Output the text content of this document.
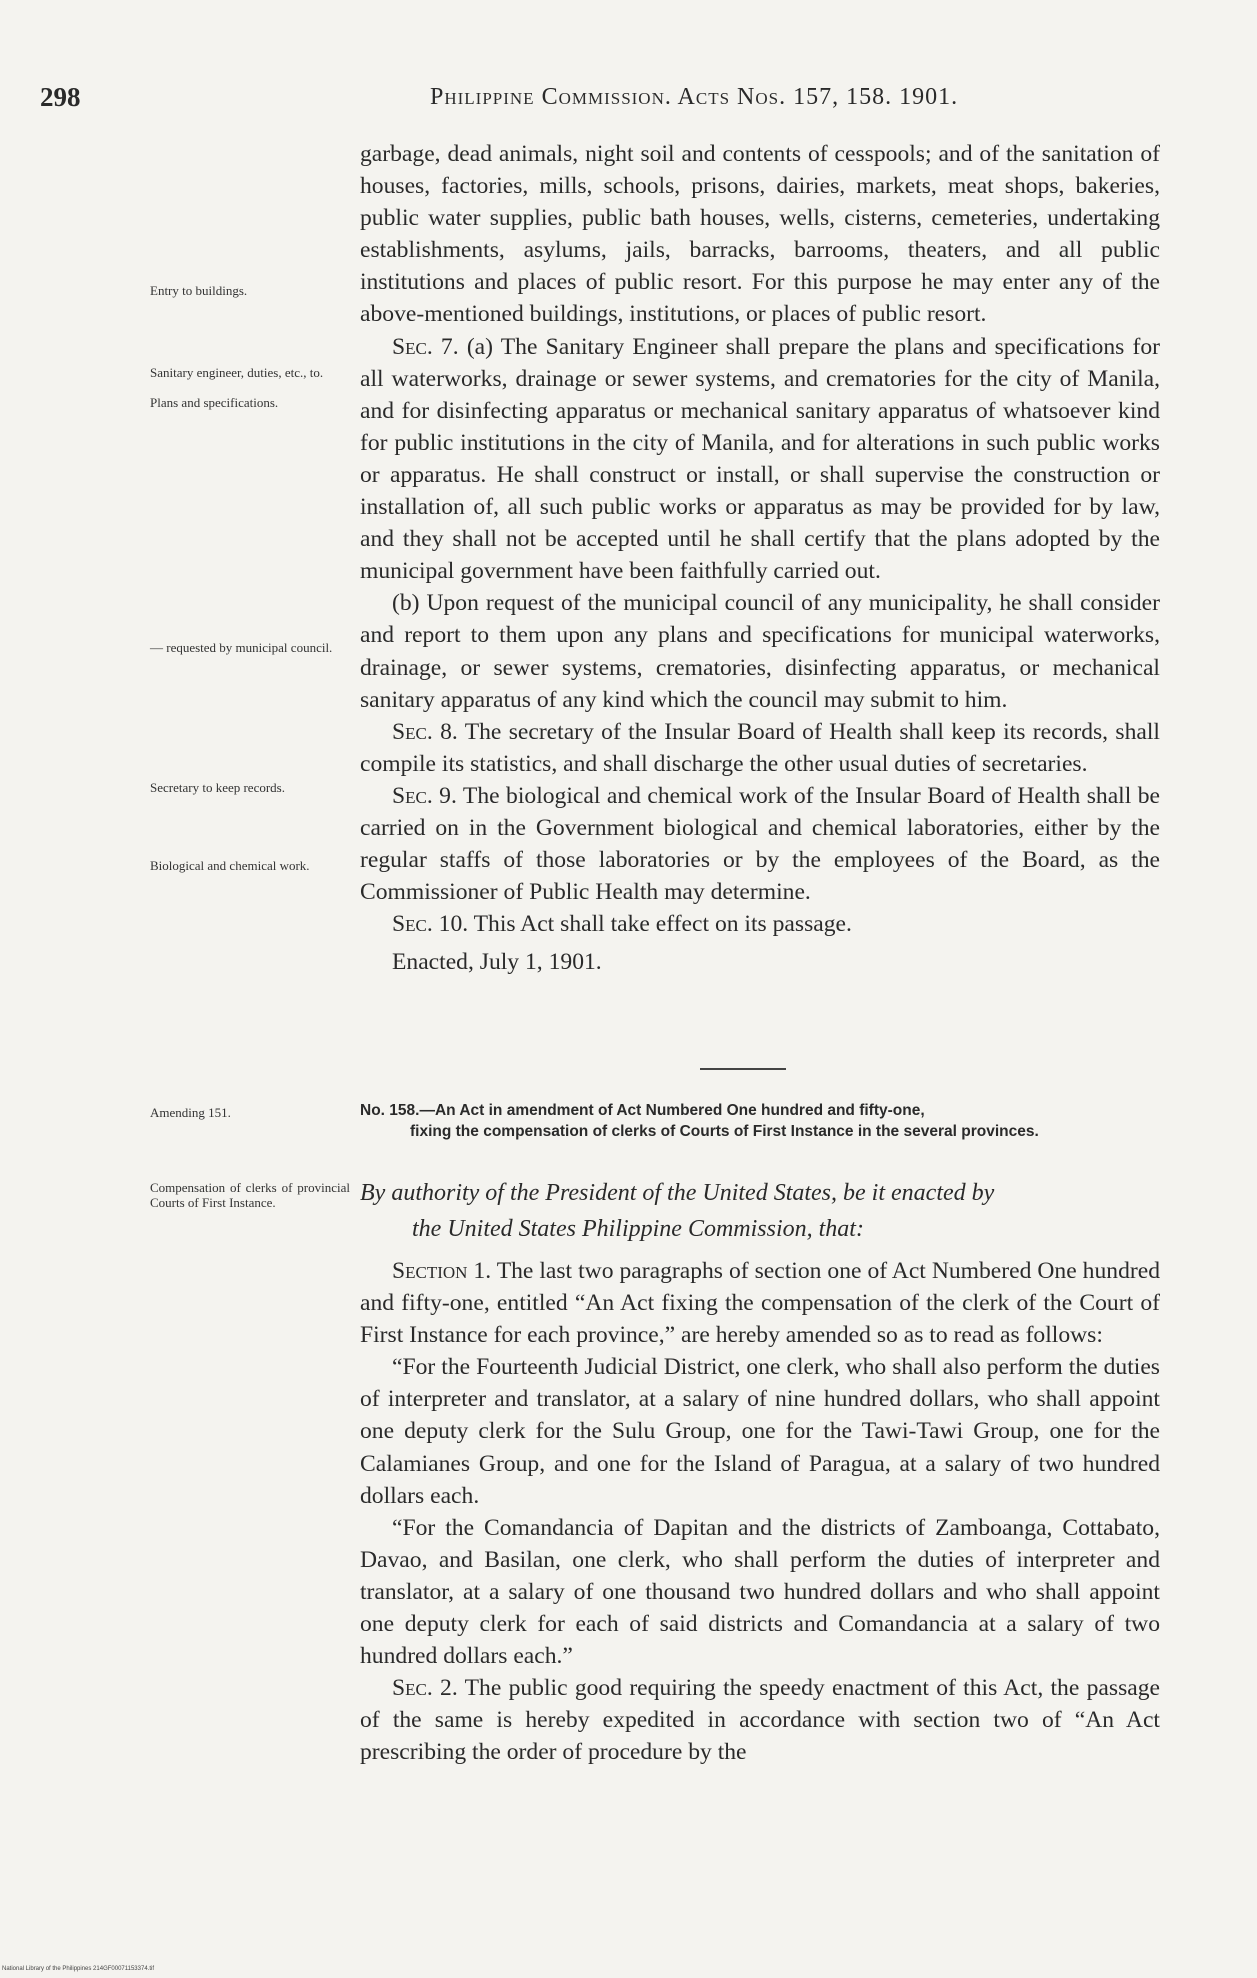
298	Philippine Commission. Acts Nos. 157, 158. 1901.
Entry to buildings.
Sanitary engineer, duties, etc., to.
Plans and specifications.
— requested by municipal council.
Secretary to keep records.
Biological and chemical work.
Amending 151.
Compensation of clerks of provincial Courts of First Instance.

garbage, dead animals, night soil and contents of cesspools; and of the sanitation of houses, factories, mills, schools, prisons, dairies, markets, meat shops, bakeries, public water supplies, public bath houses, wells, cisterns, cemeteries, undertaking establishments, asylums, jails, barracks, barrooms, theaters, and all public institutions and places of public resort. For this purpose he may enter any of the above-mentioned buildings, institutions, or places of public resort.

Sec. 7. (a) The Sanitary Engineer shall prepare the plans and specifications for all waterworks, drainage or sewer systems, and crematories for the city of Manila, and for disinfecting apparatus or mechanical sanitary apparatus of whatsoever kind for public institutions in the city of Manila, and for alterations in such public works or apparatus. He shall construct or install, or shall supervise the construction or installation of, all such public works or apparatus as may be provided for by law, and they shall not be accepted until he shall certify that the plans adopted by the municipal government have been faithfully carried out.

(b) Upon request of the municipal council of any municipality, he shall consider and report to them upon any plans and specifications for municipal waterworks, drainage, or sewer systems, crematories, disinfecting apparatus, or mechanical sanitary apparatus of any kind which the council may submit to him.

Sec. 8. The secretary of the Insular Board of Health shall keep its records, shall compile its statistics, and shall discharge the other usual duties of secretaries.

Sec. 9. The biological and chemical work of the Insular Board of Health shall be carried on in the Government biological and chemical laboratories, either by the regular staffs of those laboratories or by the employees of the Board, as the Commissioner of Public Health may determine.

Sec. 10. This Act shall take effect on its passage.

Enacted, July 1, 1901.

No. 158.—An Act in amendment of Act Numbered One hundred and fifty-one,
fixing the compensation of clerks of Courts of First Instance in the several provinces.
By authority of the President of the United States, be it enacted by
the United States Philippine Commission, that:

Section 1. The last two paragraphs of section one of Act Numbered One hundred and fifty-one, entitled “An Act fixing the compensation of the clerk of the Court of First Instance for each province,” are hereby amended so as to read as follows:

“For the Fourteenth Judicial District, one clerk, who shall also perform the duties of interpreter and translator, at a salary of nine hundred dollars, who shall appoint one deputy clerk for the Sulu Group, one for the Tawi-Tawi Group, one for the Calamianes Group, and one for the Island of Paragua, at a salary of two hundred dollars each.

“For the Comandancia of Dapitan and the districts of Zamboanga, Cottabato, Davao, and Basilan, one clerk, who shall perform the duties of interpreter and translator, at a salary of one thousand two hundred dollars and who shall appoint one deputy clerk for each of said districts and Comandancia at a salary of two hundred dollars each.”

Sec. 2. The public good requiring the speedy enactment of this Act, the passage of the same is hereby expedited in accordance with section two of “An Act prescribing the order of procedure by the

National Library of the Philippines 214GF00071153374.tif
